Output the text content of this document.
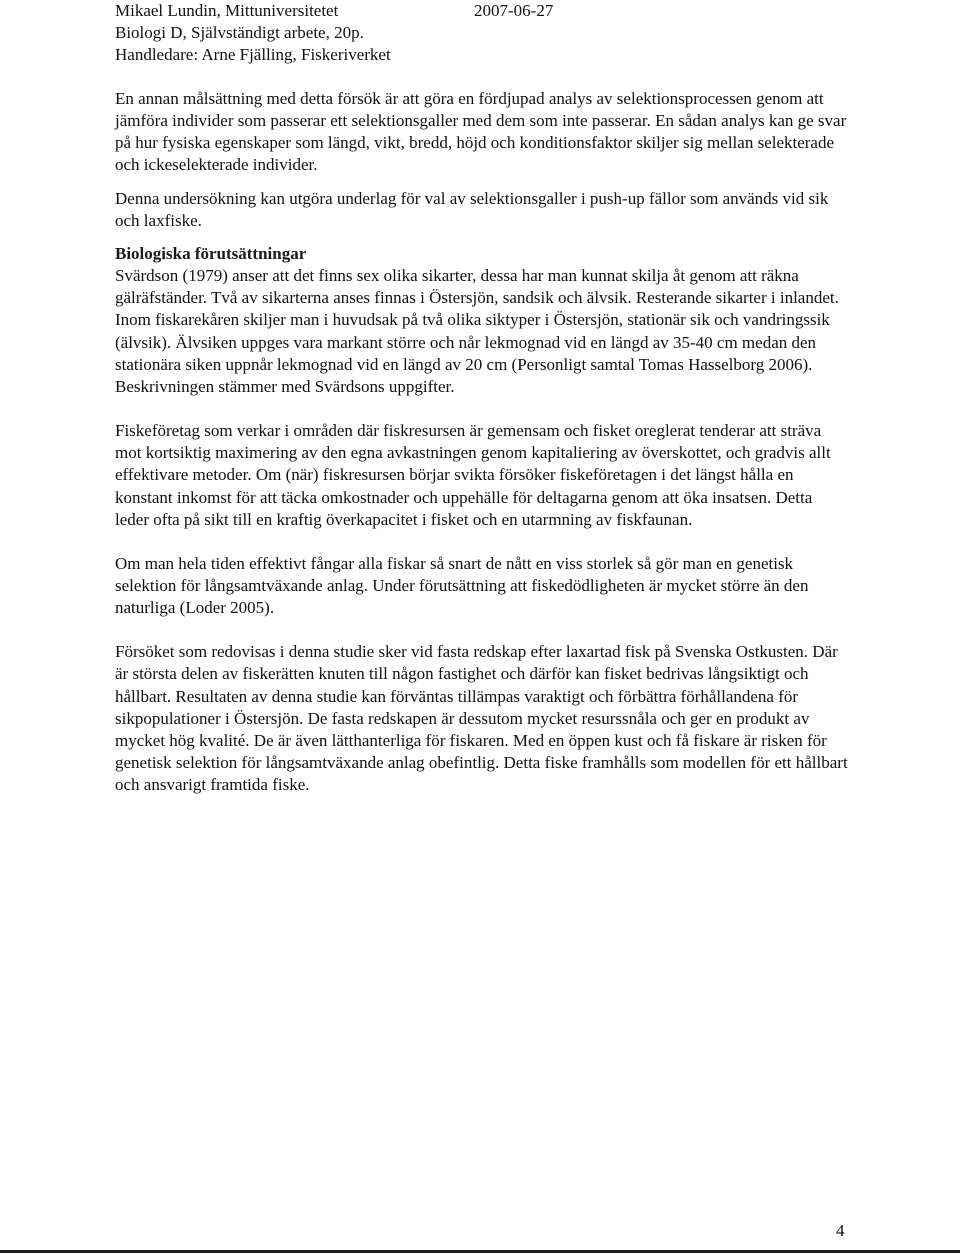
Mikael Lundin, Mittuniversitetet	2007-06-27
Biologi D, Självständigt arbete, 20p.
Handledare: Arne Fjälling, Fiskeriverket

En annan målsättning med detta försök är att göra en fördjupad analys av selektionsprocessen genom att jämföra individer som passerar ett selektionsgaller med dem som inte passerar. En sådan analys kan ge svar på hur fysiska egenskaper som längd, vikt, bredd, höjd och konditionsfaktor skiljer sig mellan selekterade och ickeselekterade individer.

Denna undersökning kan utgöra underlag för val av selektionsgaller i push-up fällor som används vid sik och laxfiske.

Biologiska förutsättningar

Svärdson (1979) anser att det finns sex olika sikarter, dessa har man kunnat skilja åt genom att räkna gälräfständer. Två av sikarterna anses finnas i Östersjön, sandsik och älvsik. Resterande sikarter i inlandet. Inom fiskarekåren skiljer man i huvudsak på två olika siktyper i Östersjön, stationär sik och vandringssik (älvsik). Älvsiken uppges vara markant större och når lekmognad vid en längd av 35-40 cm medan den stationära siken uppnår lekmognad vid en längd av 20 cm (Personligt samtal Tomas Hasselborg 2006). Beskrivningen stämmer med Svärdsons uppgifter.

Fiskeföretag som verkar i områden där fiskresursen är gemensam och fisket oreglerat tenderar att sträva mot kortsiktig maximering av den egna avkastningen genom kapitaliering av överskottet, och gradvis allt effektivare metoder. Om (när) fiskresursen börjar svikta försöker fiskeföretagen i det längst hålla en konstant inkomst för att täcka omkostnader och uppehälle för deltagarna genom att öka insatsen. Detta leder ofta på sikt till en kraftig överkapacitet i fisket och en utarmning av fiskfaunan.

Om man hela tiden effektivt fångar alla fiskar så snart de nått en viss storlek så gör man en genetisk selektion för långsamtväxande anlag. Under förutsättning att fiskedödligheten är mycket större än den naturliga (Loder 2005).

Försöket som redovisas i denna studie sker vid fasta redskap efter laxartad fisk på Svenska Ostkusten. Där är största delen av fiskerätten knuten till någon fastighet och därför kan fisket bedrivas långsiktigt och hållbart. Resultaten av denna studie kan förväntas tillämpas varaktigt och förbättra förhållandena för sikpopulationer i Östersjön. De fasta redskapen är dessutom mycket resurssnåla och ger en produkt av mycket hög kvalité. De är även lätthanterliga för fiskaren. Med en öppen kust och få fiskare är risken för genetisk selektion för långsamtväxande anlag obefintlig. Detta fiske framhålls som modellen för ett hållbart och ansvarigt framtida fiske.

4
